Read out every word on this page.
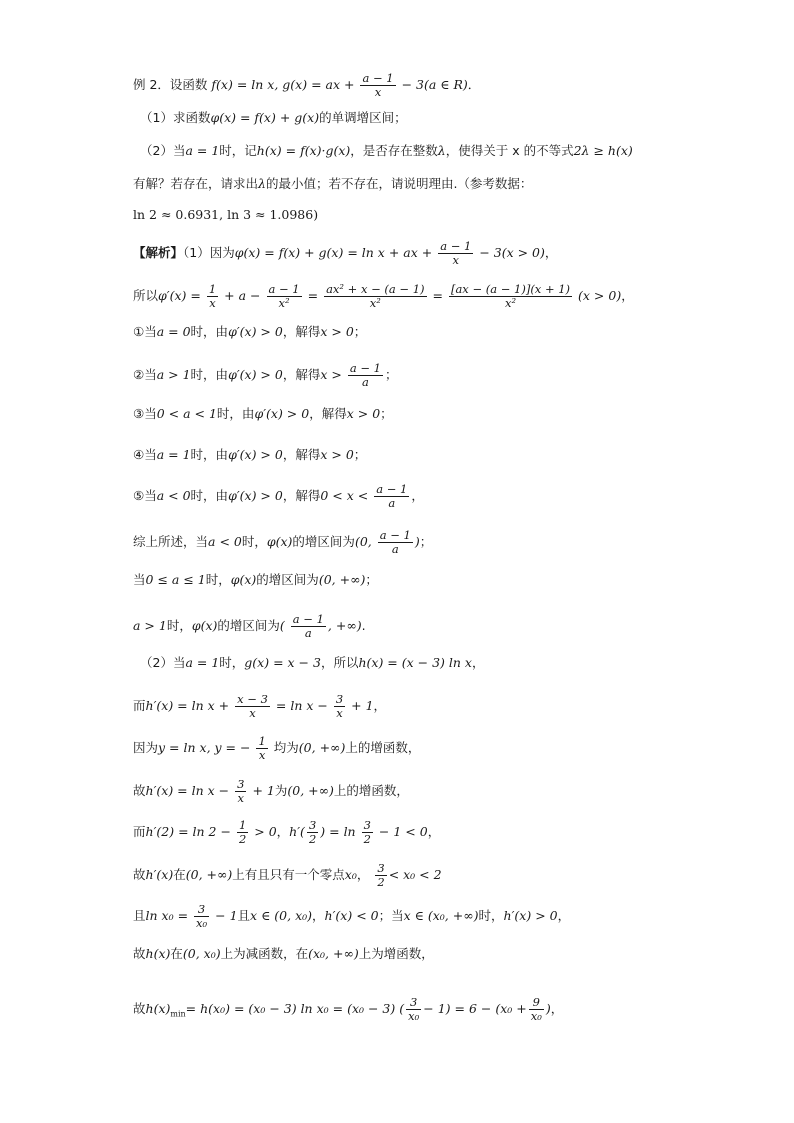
例 2．设函数 f(x) = ln x, g(x) = ax + $\frac{a - 1}{x} - 3(a$ ∈ R)．
（1）求函数φ(x) = f(x) + g(x)的单调增区间；
（2）当a = 1时，记h(x) = f(x)·g(x)，是否存在整数λ，使得关于 x 的不等式2λ ≥ h(x)
有解？若存在，请求出λ的最小值；若不存在，请说明理由.（参考数据：
ln 2 ≈ 0.6931, ln 3 ≈ 1.0986)
【解析】（1）因为φ(x) = f(x) + g(x) = ln x + ax + $\frac{a - 1}{x} - 3(x > 0)$，
所以$\varphi'(x) = \frac{1}{x} + a - \frac{a - 1}{\text{x²}} = \frac{\text{ax² + x − (a − 1)}}{\text{x²}} = \frac{[ax - (a - 1)](x + 1)}{\text{x²}} (x > 0)$，
①当a = 0时，由φ′(x) > 0，解得x > 0；
②当a > 1时，由φ′(x) > 0，解得$x > \frac{a - 1}{a}$ ；
③当0 < a < 1时，由φ′(x) > 0，解得x > 0；
④当a = 1时，由φ′(x) > 0，解得x > 0；
⑤当a < 0时，由φ′(x) > 0，解得$0 < x < \frac{a - 1}{a}$ ，
综上所述，当a < 0时，φ(x)的增区间为(0, $\frac{a - 1}{a}$ )；
当0 ≤ a ≤ 1时，φ(x)的增区间为(0, +∞)；
a > 1时，φ(x)的增区间为( $\frac{a - 1}{a}$ , +∞).
（2）当a = 1时，g(x) = x − 3，所以h(x) = (x − 3) ln x，
而$h'(x) = \ln x + \frac{x - 3}{x} = \ln x - \frac{3}{x} + 1$，
因为y = ln x, y = − $\frac{1}{x}$ 均为(0, +∞)上的增函数，
故$h'(x) = \ln x - \frac{3}{x} + 1$为(0, +∞)上的增函数，
而$h'(2) = \ln 2 - \frac{1}{2} > 0$，$h'( \frac{3}{2}$ ) = $\ln \frac{3}{2} - 1 < 0$，
故h′(x)在(0, +∞)上有且只有一个零点x₀， $\frac{3}{2} < x_0 < 2$
且$\ln x_0 = \frac{3}{\text{x₀}} - 1$且x ∈ (0, x₀)，h′(x) < 0；当x ∈ (x₀, +∞)时，h′(x) > 0，
故h(x)在(0, x₀)上为减函数，在(x₀, +∞)上为增函数，
故$h(x)_{min}= h(x_0) = (x_0 - 3)$ ln x₀ = (x₀ − 3) ( $\frac{3}{\text{x₀}} - 1) = 6 - (x_0 + \frac{9}{\text{x₀}}$ )，
